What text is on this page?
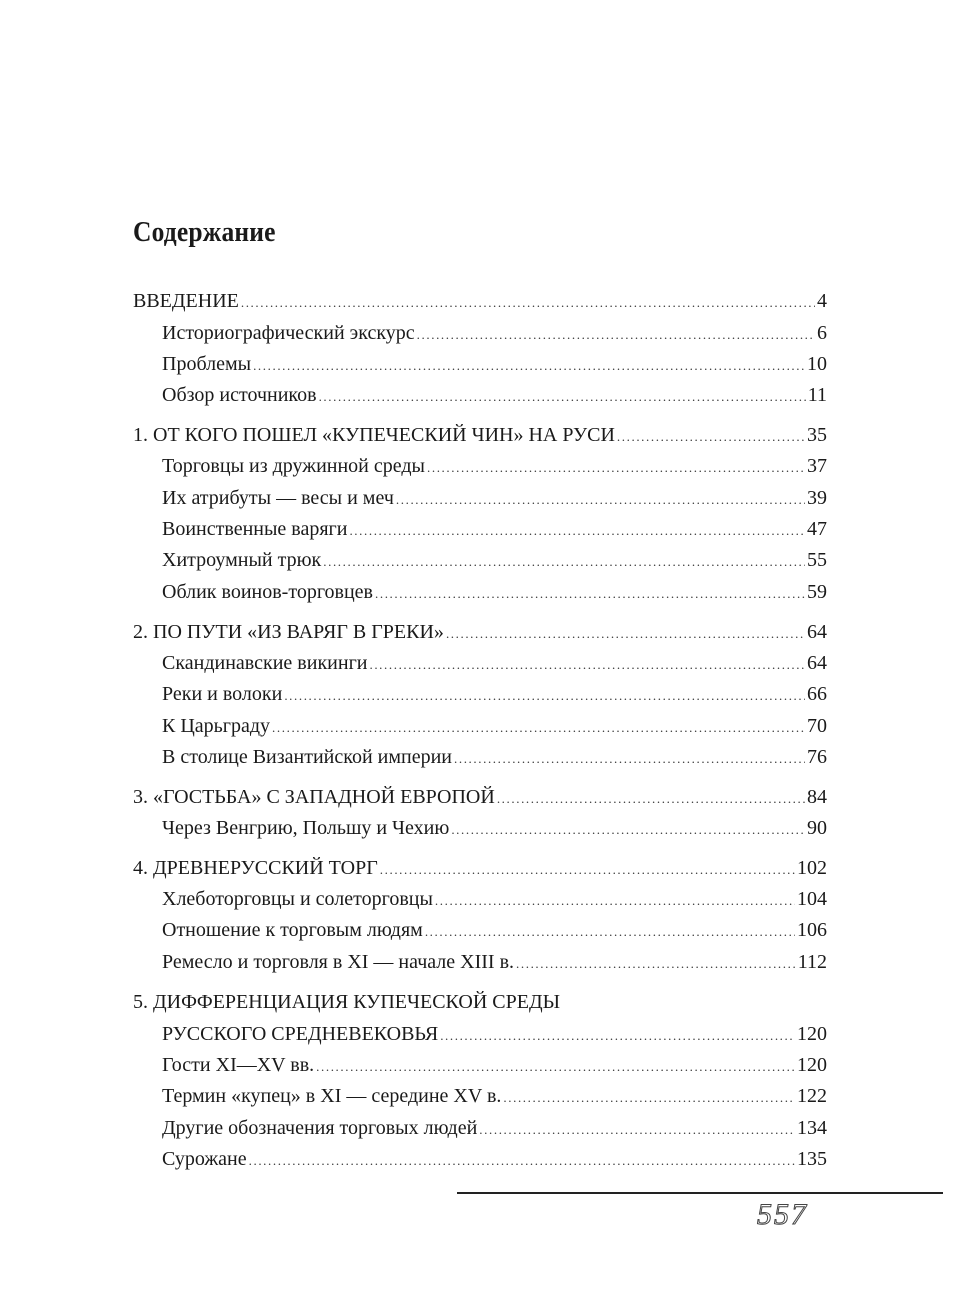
Содержание
ВВЕДЕНИЕ .....	4
Историографический экскурс .....	6
Проблемы .....	10
Обзор источников .....	11
1. ОТ КОГО ПОШЕЛ «КУПЕЧЕСКИЙ ЧИН» НА РУСИ .....	35
Торговцы из дружинной среды .....	37
Их атрибуты — весы и меч .....	39
Воинственные варяги .....	47
Хитроумный трюк .....	55
Облик воинов-торговцев .....	59
2. ПО ПУТИ «ИЗ ВАРЯГ В ГРЕКИ» .....	64
Скандинавские викинги .....	64
Реки и волоки .....	66
К Царьграду .....	70
В столице Византийской империи .....	76
3. «ГОСТЬБА» С ЗАПАДНОЙ ЕВРОПОЙ .....	84
Через Венгрию, Польшу и Чехию .....	90
4. ДРЕВНЕРУССКИЙ ТОРГ .....	102
Хлеботорговцы и солеторговцы .....	104
Отношение к торговым людям .....	106
Ремесло и торговля в XI — начале XIII в. .....	112
5. ДИФФЕРЕНЦИАЦИЯ КУПЕЧЕСКОЙ СРЕДЫ
РУССКОГО СРЕДНЕВЕКОВЬЯ .....	120
Гости XI—XV вв. .....	120
Термин «купец» в XI — середине XV в. .....	122
Другие обозначения торговых людей .....	134
Сурожане .....	135
557
